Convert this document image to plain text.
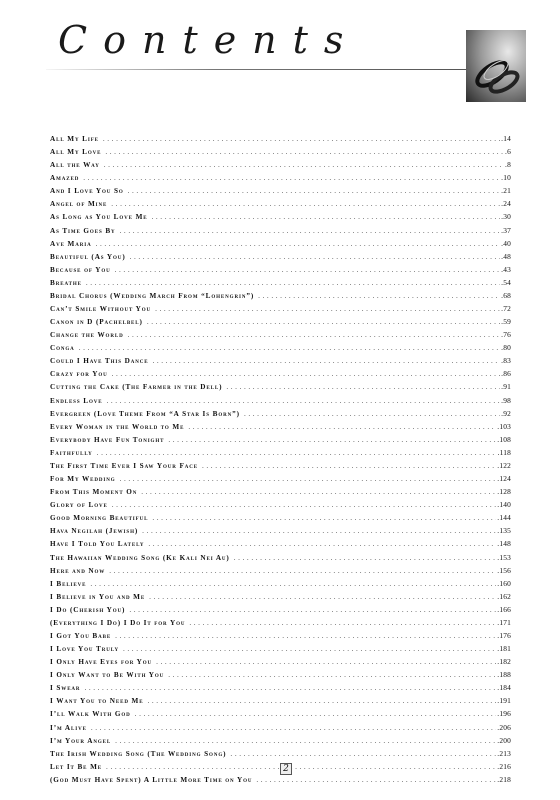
Contents
All My Life .....	.14
All My Love .....	.6
All the Way .....	.8
Amazed .....	.10
And I Love You So .....	.21
Angel of Mine .....	.24
As Long as You Love Me .....	.30
As Time Goes By .....	.37
Ave Maria .....	.40
Beautiful (As You) .....	.48
Because of You .....	.43
Breathe .....	.54
Bridal Chorus (Wedding March From “Lohengrin”) .....	.68
Can’t Smile Without You .....	.72
Canon in D (Pachelbel) .....	.59
Change the World .....	.76
Conga .....	.80
Could I Have This Dance .....	.83
Crazy for You .....	.86
Cutting the Cake (The Farmer in the Dell) .....	.91
Endless Love .....	.98
Evergreen (Love Theme From “A Star Is Born”) .....	.92
Every Woman in the World to Me .....	.103
Everybody Have Fun Tonight .....	.108
Faithfully .....	.118
The First Time Ever I Saw Your Face .....	.122
For My Wedding .....	.124
From This Moment On .....	.128
Glory of Love .....	.140
Good Morning Beautiful .....	.144
Hava Negilah (Jewish) .....	.135
Have I Told You Lately .....	.148
The Hawaiian Wedding Song (Ke Kali Nei Au) .....	.153
Here and Now .....	.156
I Believe .....	.160
I Believe in You and Me .....	.162
I Do (Cherish You) .....	.166
(Everything I Do) I Do It for You .....	.171
I Got You Babe .....	.176
I Love You Truly .....	.181
I Only Have Eyes for You .....	.182
I Only Want to Be With You .....	.188
I Swear .....	.184
I Want You to Need Me .....	.191
I’ll Walk With God .....	.196
I’m Alive .....	.206
I’m Your Angel .....	.200
The Irish Wedding Song (The Wedding Song) .....	.213
Let It Be Me .....	.216
(God Must Have Spent) A Little More Time on You .....	.218
2
